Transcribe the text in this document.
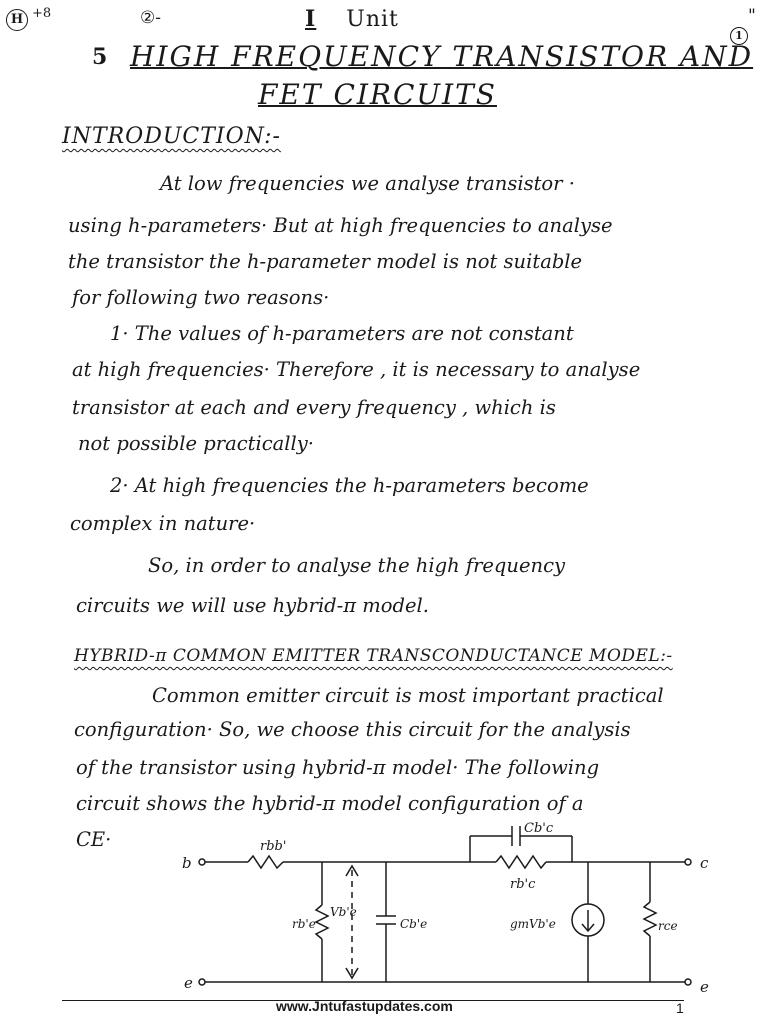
H +8	②-	I Unit	"
1
5 HIGH FREQUENCY TRANSISTOR AND
FET CIRCUITS
INTRODUCTION:-
At low frequencies we analyse transistor ·
using h-parameters· But at high frequencies to analyse
the transistor the h-parameter model is not suitable
for following two reasons·
1· The values of h-parameters are not constant
at high frequencies· Therefore , it is necessary to analyse
transistor at each and every frequency , which is
not possible practically·
2· At high frequencies the h-parameters become
complex in nature·
So, in order to analyse the high frequency
circuits we will use hybrid-π model.
HYBRID-π COMMON EMITTER TRANSCONDUCTANCE MODEL:-
Common emitter circuit is most important practical
configuration· So, we choose this circuit for the analysis
of the transistor using hybrid-π model· The following
circuit shows the hybrid-π model configuration of a
CE·
b	c
e	e
rbb'
Cb'c
rb'c
rb'e
Vb'e
Cb'e	gmVb'e	rce
www.Jntufastupdates.com	1
